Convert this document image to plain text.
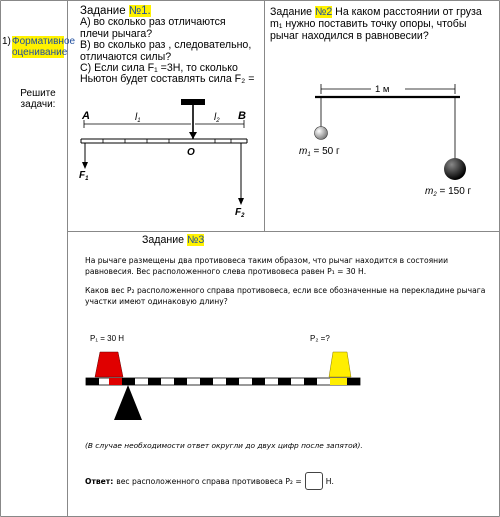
1) Формативное оценивание
Решите задачи:
Задание №1.
А) во сколько раз отличаются
плечи рычага?
В) во сколько раз , следовательно,
отличаются силы?
С) Если сила F₁ =3Н, то сколько
Ньютон будет составлять сила F₂ =
A	B
O
$l_1$	$l_2$
$F_1$
$F_2$
Задание №2 На каком расстоянии от груза m₁ нужно поставить точку опоры, чтобы рычаг находился в равновесии?
1 м
$m_1 = 50$ г
$m_2 = 150$ г
Задание №3

На рычаге размещены два противовеса таким образом, что рычаг находится в состоянии равновесия. Вес расположенного слева противовеса равен P₁ = 30 Н.

Каков вес P₂ расположенного справа противовеса, если все обозначенные на перекладине рычага участки имеют одинаковую длину?

P₁ = 30 Н	P₂ =?
(В случае необходимости ответ округли до двух цифр после запятой).
Ответ: вес расположенного справа противовеса P₂ =	Н.
